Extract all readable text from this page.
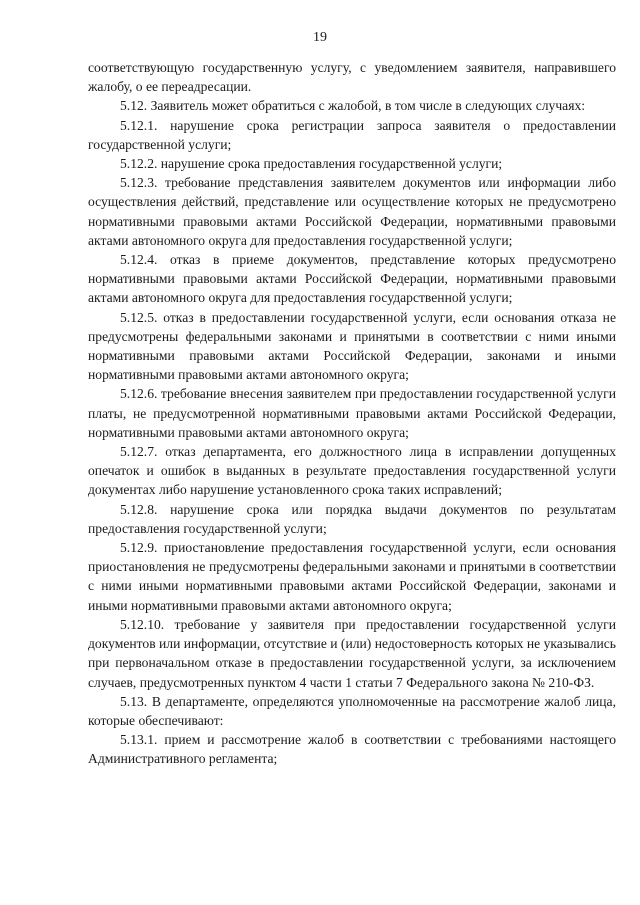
19

соответствующую государственную услугу, с уведомлением заявителя, направившего жалобу, о ее переадресации.

5.12. Заявитель может обратиться с жалобой, в том числе в следующих случаях:

5.12.1. нарушение срока регистрации запроса заявителя о предоставлении государственной услуги;

5.12.2. нарушение срока предоставления государственной услуги;

5.12.3. требование представления заявителем документов или информации либо осуществления действий, представление или осуществление которых не предусмотрено нормативными правовыми актами Российской Федерации, нормативными правовыми актами автономного округа для предоставления государственной услуги;

5.12.4. отказ в приеме документов, представление которых предусмотрено нормативными правовыми актами Российской Федерации, нормативными правовыми актами автономного округа для предоставления государственной услуги;

5.12.5. отказ в предоставлении государственной услуги, если основания отказа не предусмотрены федеральными законами и принятыми в соответствии с ними иными нормативными правовыми актами Российской Федерации, законами и иными нормативными правовыми актами автономного округа;

5.12.6. требование внесения заявителем при предоставлении государственной услуги платы, не предусмотренной нормативными правовыми актами Российской Федерации, нормативными правовыми актами автономного округа;

5.12.7. отказ департамента, его должностного лица в исправлении допущенных опечаток и ошибок в выданных в результате предоставления государственной услуги документах либо нарушение установленного срока таких исправлений;

5.12.8. нарушение срока или порядка выдачи документов по результатам предоставления государственной услуги;

5.12.9. приостановление предоставления государственной услуги, если основания приостановления не предусмотрены федеральными законами и принятыми в соответствии с ними иными нормативными правовыми актами Российской Федерации, законами и иными нормативными правовыми актами автономного округа;

5.12.10. требование у заявителя при предоставлении государственной услуги документов или информации, отсутствие и (или) недостоверность которых не указывались при первоначальном отказе в предоставлении государственной услуги, за исключением случаев, предусмотренных пунктом 4 части 1 статьи 7 Федерального закона № 210-ФЗ.

5.13. В департаменте, определяются уполномоченные на рассмотрение жалоб лица, которые обеспечивают:

5.13.1. прием и рассмотрение жалоб в соответствии с требованиями настоящего Административного регламента;
